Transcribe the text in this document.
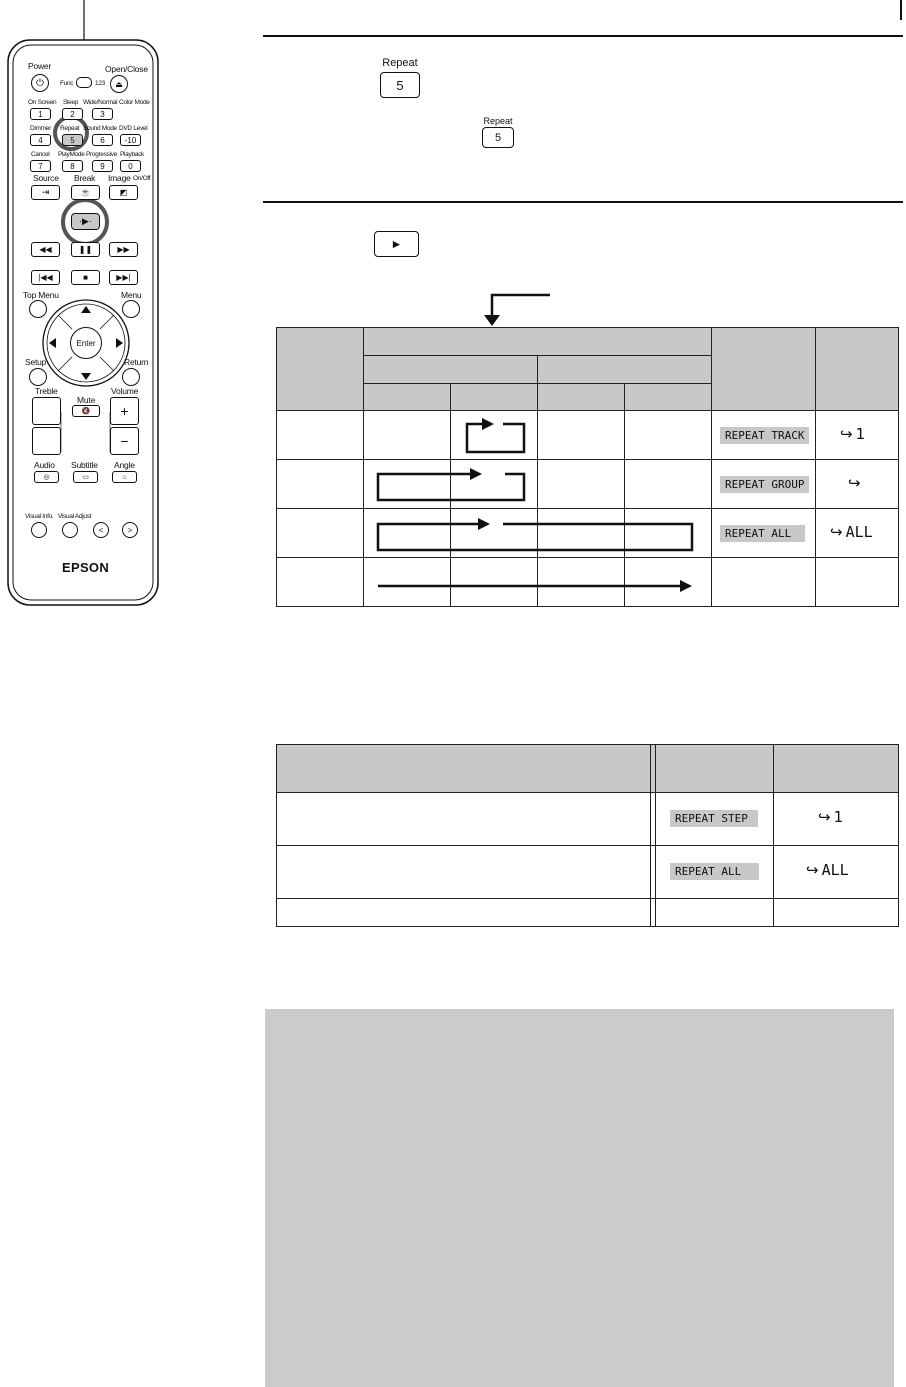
Power
⏻
Open/Close
⏏
Func	123
On Screen Sleep Wide/Normal Color Mode
1	2	3
Dimmer Repeat Sound Mode DVD Level
4	5	6	-10
Cancel PlayMode Progressive Playback
7	8	9	0
Source Break Image On/Off
⇥	☕	◩
·▶·
◀◀	❚❚	▶▶
|◀◀	■	▶▶|
Top Menu	Menu
Enter
Setup	Return
Treble
Mute
Volume
🔇	+
−
Audio Subtitle Angle
◎	▭	⌂
Visual Info. Visual Adjust
<	>
EPSON
Repeat
5
Repeat
5
►

					REPEAT TRACK	↪ 1

					REPEAT GROUP	↪

					REPEAT ALL	↪ ALL

		REPEAT STEP	↪ 1

		REPEAT ALL	↪ ALL
